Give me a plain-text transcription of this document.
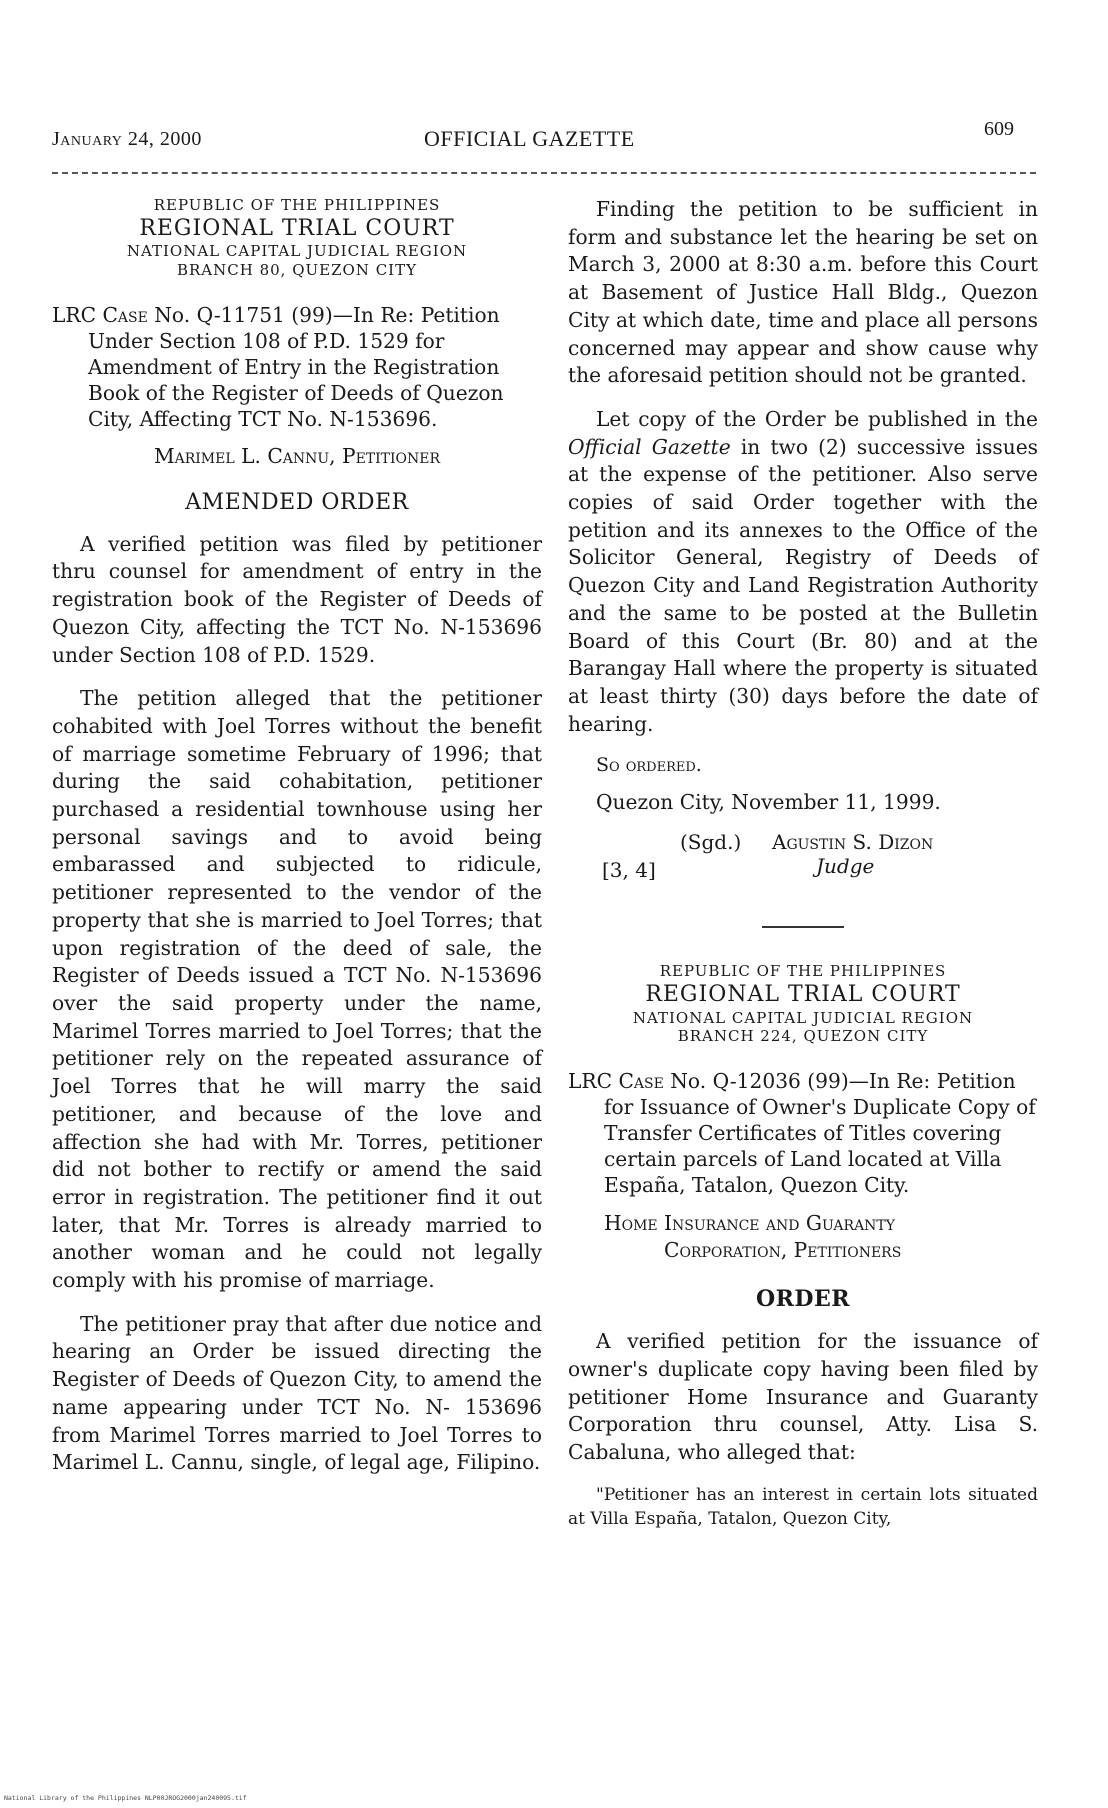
January 24, 2000	OFFICIAL GAZETTE	609
REPUBLIC OF THE PHILIPPINES
REGIONAL TRIAL COURT
NATIONAL CAPITAL JUDICIAL REGION
BRANCH 80, QUEZON CITY

LRC Case No. Q-11751 (99)—In Re: Petition Under Section 108 of P.D. 1529 for Amendment of Entry in the Registration Book of the Register of Deeds of Quezon City, Affecting TCT No. N-153696.

Marimel L. Cannu, Petitioner

AMENDED ORDER

A verified petition was filed by petitioner thru counsel for amendment of entry in the registration book of the Register of Deeds of Quezon City, affecting the TCT No. N-153696 under Section 108 of P.D. 1529.

The petition alleged that the petitioner cohabited with Joel Torres without the benefit of marriage sometime February of 1996; that during the said cohabitation, petitioner purchased a residential townhouse using her personal savings and to avoid being embarassed and subjected to ridicule, petitioner represented to the vendor of the property that she is married to Joel Torres; that upon registration of the deed of sale, the Register of Deeds issued a TCT No. N-153696 over the said property under the name, Marimel Torres married to Joel Torres; that the petitioner rely on the repeated assurance of Joel Torres that he will marry the said petitioner, and because of the love and affection she had with Mr. Torres, petitioner did not bother to rectify or amend the said error in registration. The petitioner find it out later, that Mr. Torres is already married to another woman and he could not legally comply with his promise of marriage.

The petitioner pray that after due notice and hearing an Order be issued directing the Register of Deeds of Quezon City, to amend the name appearing under TCT No. N- 153696 from Marimel Torres married to Joel Torres to Marimel L. Cannu, single, of legal age, Filipino.

Finding the petition to be sufficient in form and substance let the hearing be set on March 3, 2000 at 8:30 a.m. before this Court at Basement of Justice Hall Bldg., Quezon City at which date, time and place all persons concerned may appear and show cause why the aforesaid petition should not be granted.

Let copy of the Order be published in the Official Gazette in two (2) successive issues at the expense of the petitioner. Also serve copies of said Order together with the petition and its annexes to the Office of the Solicitor General, Registry of Deeds of Quezon City and Land Registration Authority and the same to be posted at the Bulletin Board of this Court (Br. 80) and at the Barangay Hall where the property is situated at least thirty (30) days before the date of hearing.

So ordered.

Quezon City, November 11, 1999.

(Sgd.) Agustin S. Dizon
Judge
[3, 4]
REPUBLIC OF THE PHILIPPINES
REGIONAL TRIAL COURT
NATIONAL CAPITAL JUDICIAL REGION
BRANCH 224, QUEZON CITY

LRC Case No. Q-12036 (99)—In Re: Petition for Issuance of Owner's Duplicate Copy of Transfer Certificates of Titles covering certain parcels of Land located at Villa España, Tatalon, Quezon City.

Home Insurance and Guaranty
Corporation, Petitioners

ORDER

A verified petition for the issuance of owner's duplicate copy having been filed by petitioner Home Insurance and Guaranty Corporation thru counsel, Atty. Lisa S. Cabaluna, who alleged that:

"Petitioner has an interest in certain lots situated at Villa España, Tatalon, Quezon City,

National Library of the Philippines NLP00JROG2000jan240095.tif
